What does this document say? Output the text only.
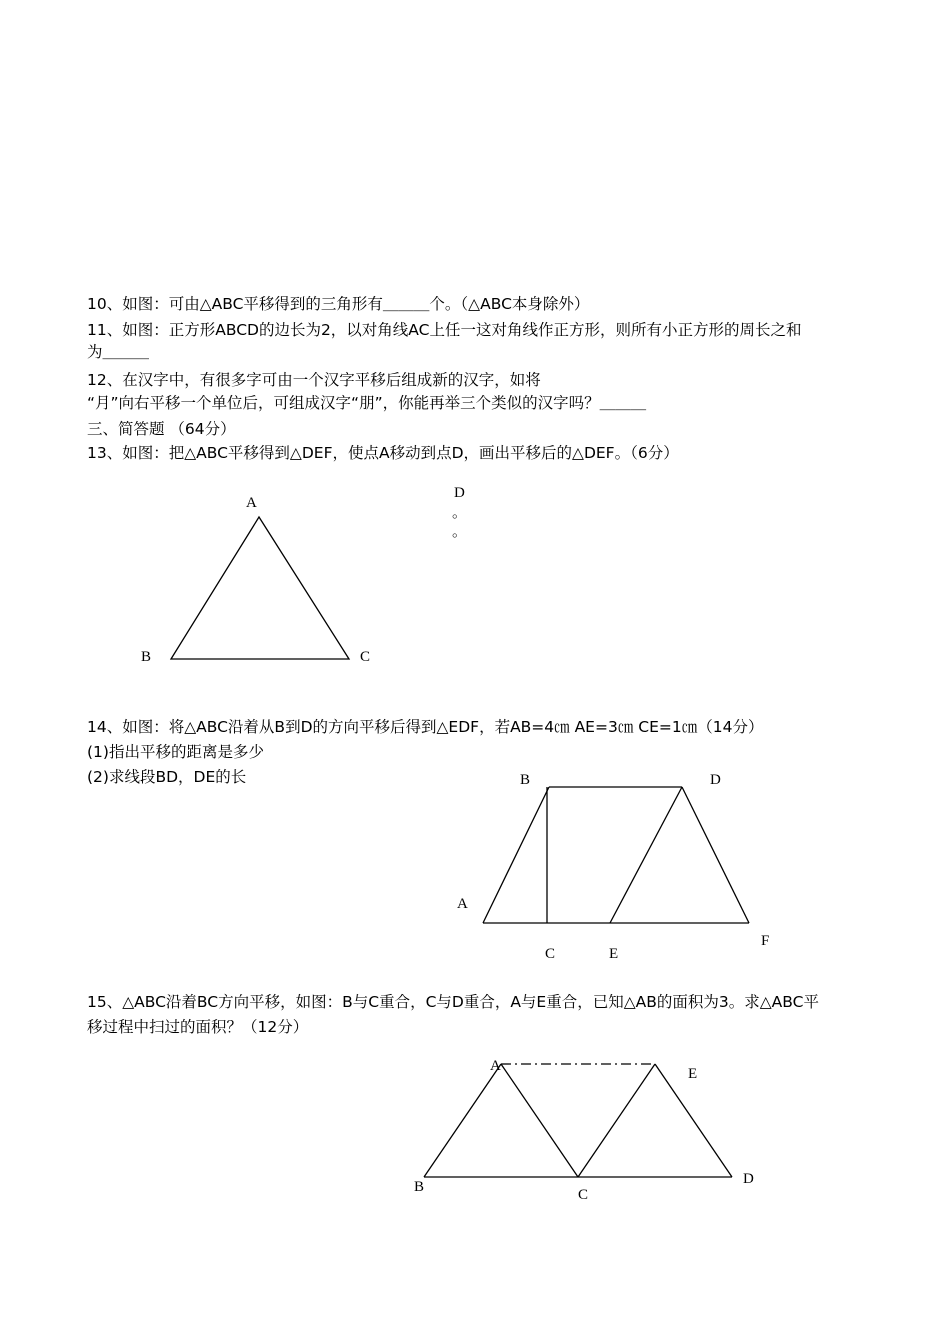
10、如图：可由△ABC平移得到的三角形有＿＿＿个。（△ABC本身除外）
11、如图：正方形ABCD的边长为2，以对角线AC上任一这对角线作正方形，则所有小正方形的周长之和
为＿＿＿
12、在汉字中，有很多字可由一个汉字平移后组成新的汉字，如将
“月”向右平移一个单位后，可组成汉字“朋”，你能再举三个类似的汉字吗？＿＿＿
三、简答题 （64分）
13、如图：把△ABC平移得到△DEF，使点A移动到点D，画出平移后的△DEF。（6分）
14、如图：将△ABC沿着从B到D的方向平移后得到△EDF，若AB=4㎝ AE=3㎝ CE=1㎝（14分）
(1)指出平移的距离是多少
(2)求线段BD，DE的长
15、△ABC沿着BC方向平移，如图：B与C重合，C与D重合，A与E重合，已知△AB的面积为3。求△ABC平
移过程中扫过的面积？（12分）
A
B	C
D
。
。
B	D
A
C	E
F
A	E
B	C
D
